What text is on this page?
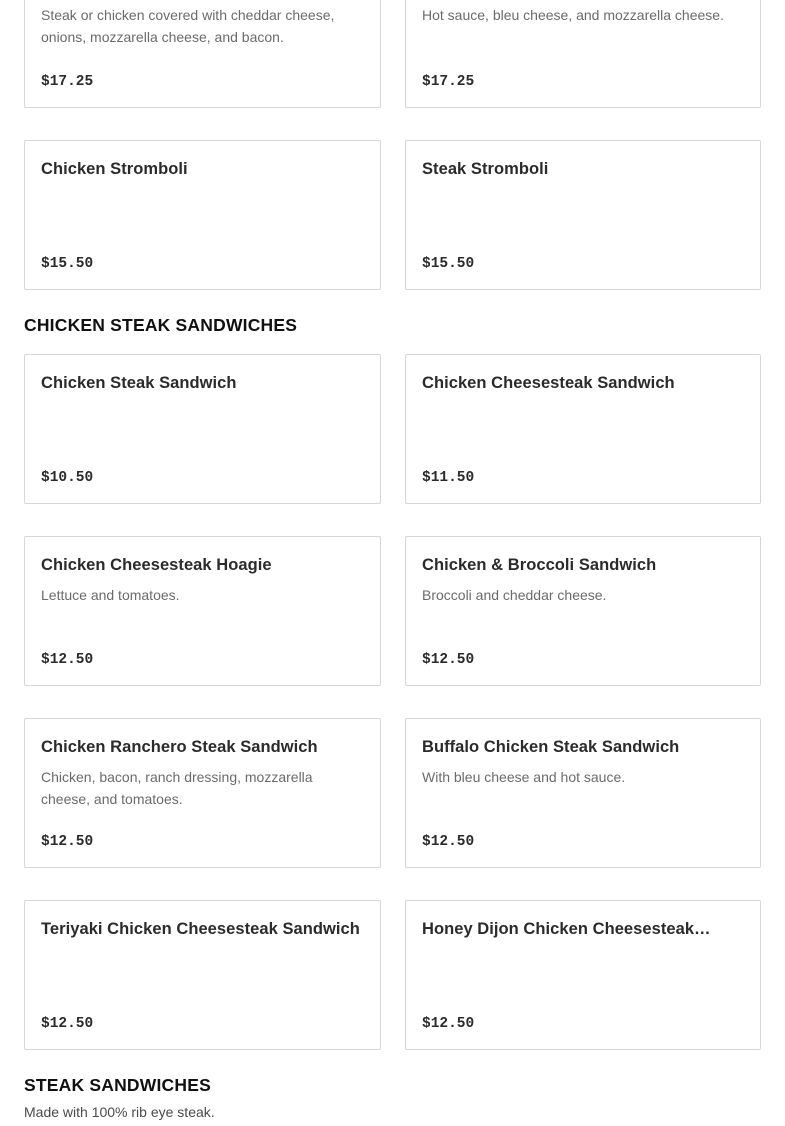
Steak or chicken covered with cheddar cheese, onions, mozzarella cheese, and bacon.
$17.25
Hot sauce, bleu cheese, and mozzarella cheese.
$17.25
Chicken Stromboli
$15.50
Steak Stromboli
$15.50
CHICKEN STEAK SANDWICHES
Chicken Steak Sandwich
$10.50
Chicken Cheesesteak Sandwich
$11.50
Chicken Cheesesteak Hoagie
Lettuce and tomatoes.
$12.50
Chicken & Broccoli Sandwich
Broccoli and cheddar cheese.
$12.50
Chicken Ranchero Steak Sandwich
Chicken, bacon, ranch dressing, mozzarella cheese, and tomatoes.
$12.50
Buffalo Chicken Steak Sandwich
With bleu cheese and hot sauce.
$12.50
Teriyaki Chicken Cheesesteak Sandwich
$12.50
Honey Dijon Chicken Cheesesteak…
$12.50
STEAK SANDWICHES
Made with 100% rib eye steak.
